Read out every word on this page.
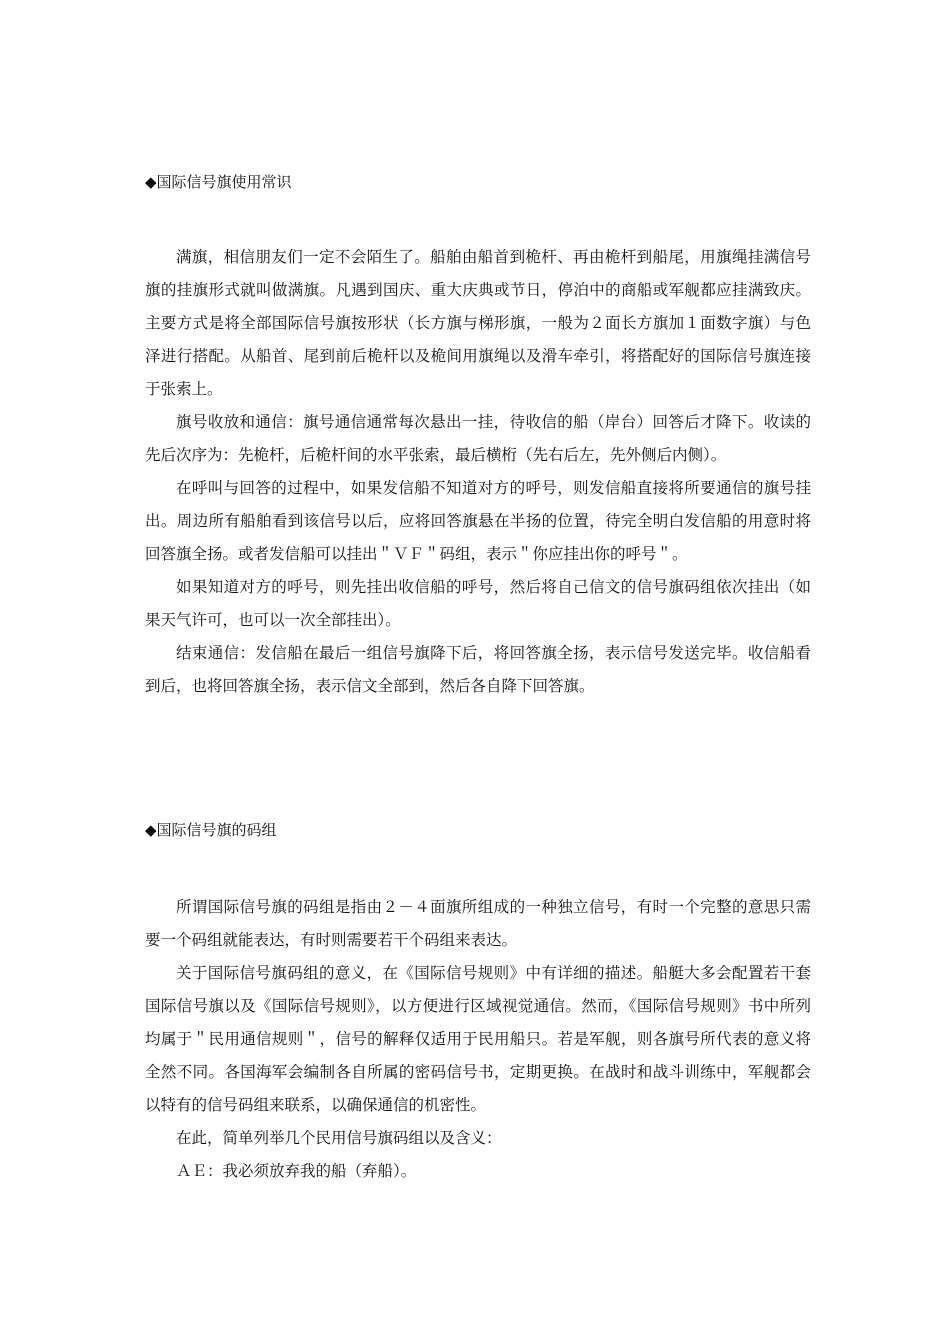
◆国际信号旗使用常识

满旗，相信朋友们一定不会陌生了。船舶由船首到桅杆、再由桅杆到船尾，用旗绳挂满信号旗的挂旗形式就叫做满旗。凡遇到国庆、重大庆典或节日，停泊中的商船或军舰都应挂满致庆。主要方式是将全部国际信号旗按形状（长方旗与梯形旗，一般为２面长方旗加１面数字旗）与色泽进行搭配。从船首、尾到前后桅杆以及桅间用旗绳以及滑车牵引，将搭配好的国际信号旗连接于张索上。

旗号收放和通信：旗号通信通常每次悬出一挂，待收信的船（岸台）回答后才降下。收读的先后次序为：先桅杆，后桅杆间的水平张索，最后横桁（先右后左，先外侧后内侧）。

在呼叫与回答的过程中，如果发信船不知道对方的呼号，则发信船直接将所要通信的旗号挂出。周边所有船舶看到该信号以后，应将回答旗悬在半扬的位置，待完全明白发信船的用意时将回答旗全扬。或者发信船可以挂出＂ＶＦ＂码组，表示＂你应挂出你的呼号＂。

如果知道对方的呼号，则先挂出收信船的呼号，然后将自己信文的信号旗码组依次挂出（如果天气许可，也可以一次全部挂出）。

结束通信：发信船在最后一组信号旗降下后，将回答旗全扬，表示信号发送完毕。收信船看到后，也将回答旗全扬，表示信文全部到，然后各自降下回答旗。

◆国际信号旗的码组

所谓国际信号旗的码组是指由２－４面旗所组成的一种独立信号，有时一个完整的意思只需要一个码组就能表达，有时则需要若干个码组来表达。

关于国际信号旗码组的意义，在《国际信号规则》中有详细的描述。船艇大多会配置若干套国际信号旗以及《国际信号规则》，以方便进行区域视觉通信。然而，《国际信号规则》书中所列均属于＂民用通信规则＂，信号的解释仅适用于民用船只。若是军舰，则各旗号所代表的意义将全然不同。各国海军会编制各自所属的密码信号书，定期更换。在战时和战斗训练中，军舰都会以特有的信号码组来联系，以确保通信的机密性。

在此，简单列举几个民用信号旗码组以及含义：

ＡＥ：我必须放弃我的船（弃船）。
